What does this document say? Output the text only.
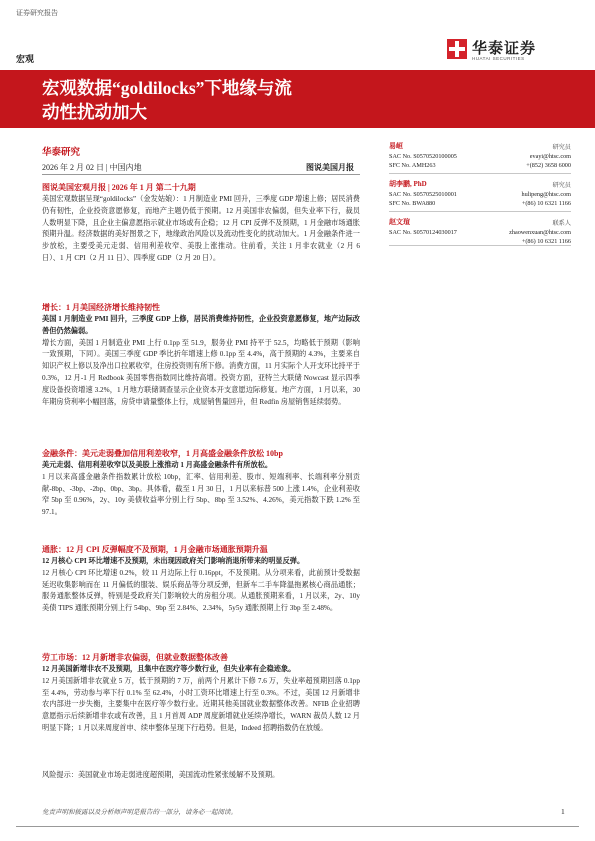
证券研究报告
宏观
华泰证券
HUATAI SECURITIES
宏观数据“goldilocks”下地缘与流
动性扰动加大
华泰研究
2026 年 2 月 02 日 | 中国内地	图说美国月报
易峘	研究员
SAC No. S0570520100005	evayi@htsc.com
SFC No. AMH263	+(852) 3658 6000
胡李鹏, PhD	研究员
SAC No. S0570525010001	hulipeng@htsc.com
SFC No. BWA880	+(86) 10 6321 1166
赵文瑄	联系人
SAC No. S0570124030017	zhaowenxuan@htsc.com
+(86) 10 6321 1166

图说美国宏观月报 | 2026 年 1 月 第二十九期

美国宏观数据呈现“goldilocks”（金发姑娘）：1 月制造业 PMI 回升，三季度 GDP 增速上修；居民消费仍有韧性，企业投资意愿修复，而地产主题仍低于预期。12 月美国非农偏弱，但失业率下行，裁员人数明显下降，且企业主偏意愿指示就业市场或有企稳；12 月 CPI 反弹不及预期，1 月金融市场通胀预期升温。经济数据的美好图景之下，地缘政治风险以及流动性变化的扰动加大。1 月金融条件进一步放松，主要受美元走弱、信用利差收窄、美股上涨推动。往前看，关注 1 月非农就业（2 月 6 日）、1 月 CPI（2 月 11 日）、四季度 GDP（2 月 20 日）。

增长：1 月美国经济增长维持韧性

美国 1 月制造业 PMI 回升，三季度 GDP 上修，居民消费维持韧性，企业投资意愿修复，地产边际改善但仍然偏弱。

增长方面，美国 1 月制造业 PMI 上行 0.1pp 至 51.9，服务业 PMI 持平于 52.5，均略低于预期（影响一致预期，下同）。美国三季度 GDP 季比折年增速上修 0.1pp 至 4.4%，高于预期的 4.3%，主要来自知识产权上修以及净出口拉累收窄，住房投资则有所下修。消费方面，11 月实际个人开支环比持平于 0.3%，12 月-1 月 Redbook 美国零售指数同比维持高增。投资方面，亚特兰大联储 Nowcast 显示四季度设备投资增速 3.2%，1 月地方联储调查显示企业资本开支意愿边际修复。地产方面，1 月以来，30 年期房贷利率小幅回落，房贷申请量整体上行，成屋销售量回升，但 Redfin 房屋销售延续弱势。

金融条件：美元走弱叠加信用利差收窄，1 月高盛金融条件放松 10bp

美元走弱、信用利差收窄以及美股上涨推动 1 月高盛金融条件有所放松。

1 月以来高盛金融条件指数累计放松 10bp，汇率、信用利差、股市、短端利率、长端利率分别贡献-8bp、-3bp、-2bp、0bp、3bp。具体看，截至 1 月 30 日，1 月以来标普 500 上涨 1.4%，企业利差收窄 5bp 至 0.96%，2y、10y 美债收益率分别上行 5bp、8bp 至 3.52%、4.26%，美元指数下跌 1.2% 至 97.1。

通胀：12 月 CPI 反弹幅度不及预期，1 月金融市场通胀预期升温

12 月核心 CPI 环比增速不及预期，未出现因政府关门影响消退所带来的明显反弹。

12 月核心 CPI 环比增速 0.2%，较 11 月边际上行 0.16ppt，不及预期。从分项来看，此前预计受数据延迟收集影响而在 11 月偏低的服装、娱乐商品等分项反弹，但新车二手车降温拖累核心商品通胀；服务通胀整体反弹，特别是受政府关门影响较大的房租分项。从通胀预期来看，1 月以来，2y、10y 美债 TIPS 通胀预期分别上行 54bp、9bp 至 2.84%、2.34%，5y5y 通胀预期上行 3bp 至 2.48%。

劳工市场：12 月新增非农偏弱，但就业数据整体改善

12 月美国新增非农不及预期，且集中在医疗等少数行业，但失业率有企稳迹象。

12 月美国新增非农就业 5 万，低于预期的 7 万，前两个月累计下修 7.6 万，失业率超预期回落 0.1pp 至 4.4%，劳动参与率下行 0.1% 至 62.4%，小时工资环比增速上行至 0.3%。不过，美国 12 月新增非农内部进一步失衡，主要集中在医疗等少数行业。近期其他美国就业数据整体改善。NFIB 企业招聘意愿指示后续新增非农或有改善，且 1 月首周 ADP 周度新增就业延续净增长，WARN 裁员人数 12 月明显下降；1 月以来周度首申、续申整体呈现下行趋势。但是，Indeed 招聘指数仍在放缓。

风险提示：美国就业市场走弱进度超预期，美国流动性紧张缓解不及预期。

免责声明和披露以及分析师声明是报告的一部分，请务必一起阅读。	1
